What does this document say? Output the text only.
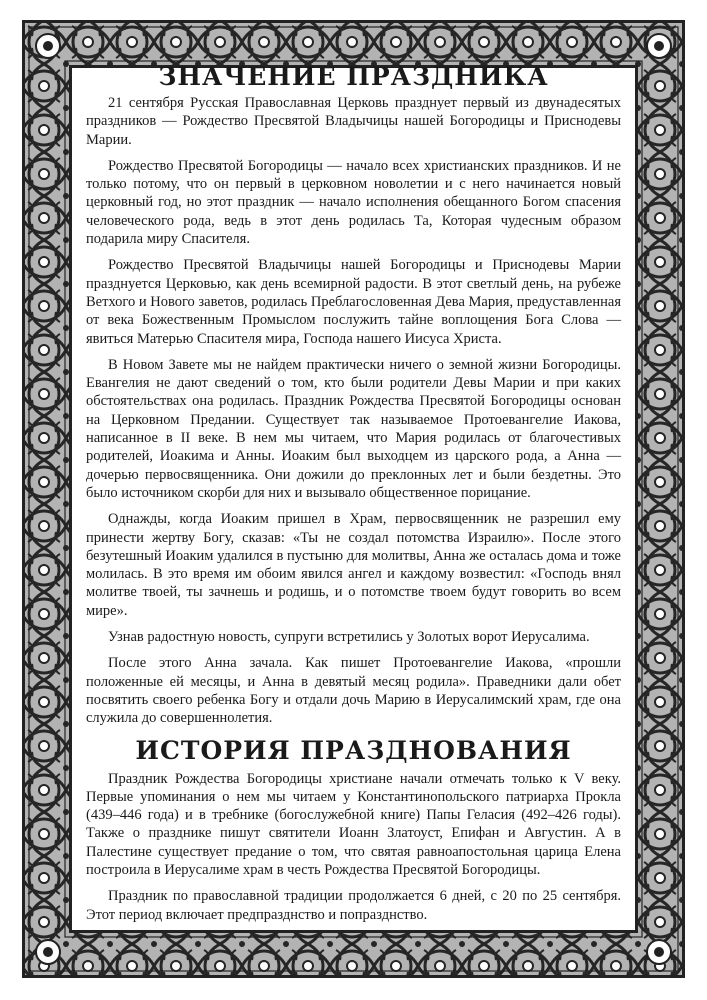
ЗНАЧЕНИЕ ПРАЗДНИКА

21 сентября Русская Православная Церковь празднует первый из двунадесятых праздников — Рождество Пресвятой Владычицы нашей Богородицы и Приснодевы Марии.

Рождество Пресвятой Богородицы — начало всех христианских праздников. И не только потому, что он первый в церковном новолетии и с него начинается новый церковный год, но этот праздник — начало исполнения обещанного Богом спасения человеческого рода, ведь в этот день родилась Та, Которая чудесным образом подарила миру Спасителя.

Рождество Пресвятой Владычицы нашей Богородицы и Приснодевы Марии празднуется Церковью, как день всемирной радости. В этот светлый день, на рубеже Ветхого и Нового заветов, родилась Преблагословенная Дева Мария, предуставленная от века Божественным Промыслом послужить тайне воплощения Бога Слова — явиться Матерью Спасителя мира, Господа нашего Иисуса Христа.

В Новом Завете мы не найдем практически ничего о земной жизни Богородицы. Евангелия не дают сведений о том, кто были родители Девы Марии и при каких обстоятельствах она родилась. Праздник Рождества Пресвятой Богородицы основан на Церковном Предании. Существует так называемое Протоевангелие Иакова, написанное в II веке. В нем мы читаем, что Мария родилась от благочестивых родителей, Иоакима и Анны. Иоаким был выходцем из царского рода, а Анна — дочерью первосвященника. Они дожили до преклонных лет и были бездетны. Это было источником скорби для них и вызывало общественное порицание.

Однажды, когда Иоаким пришел в Храм, первосвященник не разрешил ему принести жертву Богу, сказав: «Ты не создал потомства Израилю». После этого безутешный Иоаким удалился в пустыню для молитвы, Анна же осталась дома и тоже молилась. В это время им обоим явился ангел и каждому возвестил: «Господь внял молитве твоей, ты зачнешь и родишь, и о потомстве твоем будут говорить во всем мире».

Узнав радостную новость, супруги встретились у Золотых ворот Иерусалима.

После этого Анна зачала. Как пишет Протоевангелие Иакова, «прошли положенные ей месяцы, и Анна в девятый месяц родила». Праведники дали обет посвятить своего ребенка Богу и отдали дочь Марию в Иерусалимский храм, где она служила до совершеннолетия.

ИСТОРИЯ ПРАЗДНОВАНИЯ

Праздник Рождества Богородицы христиане начали отмечать только к V веку. Первые упоминания о нем мы читаем у Константинопольского патриарха Прокла (439–446 года) и в требнике (богослужебной книге) Папы Геласия (492–426 годы). Также о празднике пишут святители Иоанн Златоуст, Епифан и Августин. А в Палестине существует предание о том, что святая равноапостольная царица Елена построила в Иерусалиме храм в честь Рождества Пресвятой Богородицы.

Праздник по православной традиции продолжается 6 дней, с 20 по 25 сентября. Этот период включает предпразднство и попразднство.
